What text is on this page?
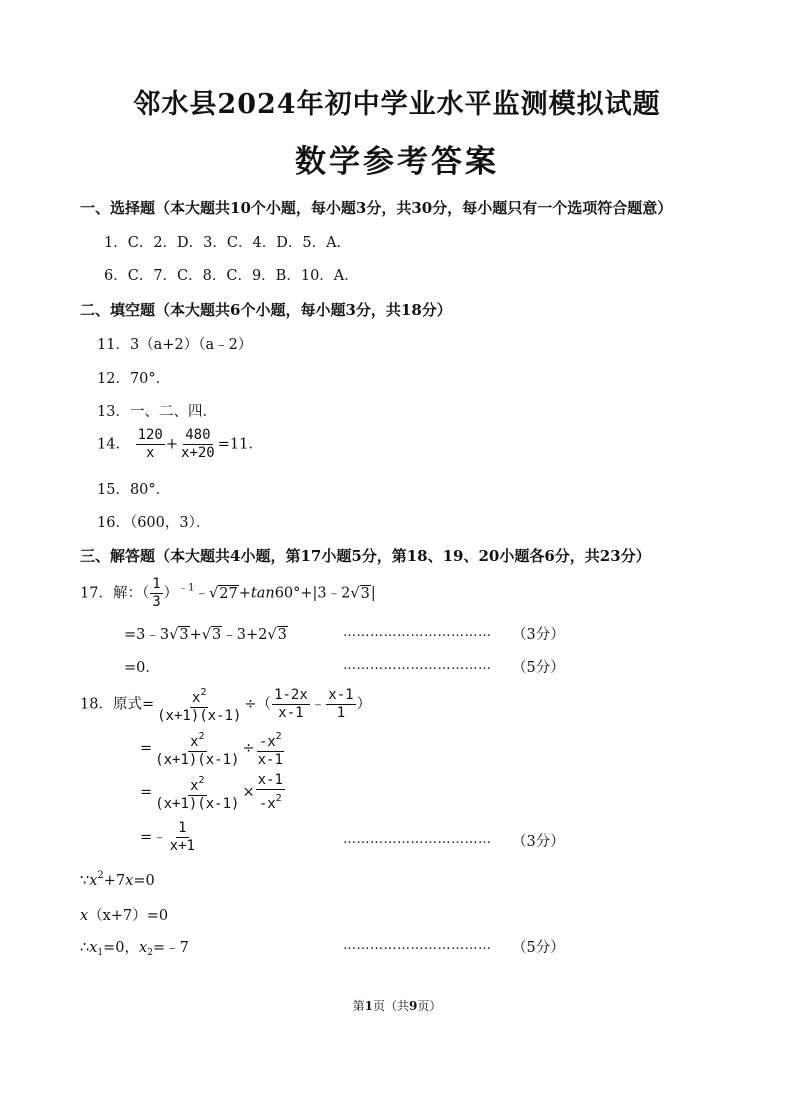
邻水县2024年初中学业水平监测模拟试题
数学参考答案
一、选择题（本大题共10个小题，每小题3分，共30分，每小题只有一个选项符合题意）
1．C．2．D．3．C．4．D．5．A．
6．C．7．C．8．C．9．B．10．A．
二、填空题（本大题共6个小题，每小题3分，共18分）
11．3（a+2）（a﹣2）
12．70°．
13．一、二、四．
14． $\frac{120}{x} + \frac{480}{x+20} =11$．
15．80°．
16．（600，3）．
三、解答题（本大题共4小题，第17小题5分，第18、19、20小题各6分，共23分）
17．解：（ $\frac{1}{3}$ ）$^{﹣1}$﹣√27+tan60°+|3﹣2√3|
=3﹣3√3+√3﹣3+2√3	…………………………… （3分）
=0．	…………………………… （5分）
18．原式= $\frac{x^2}{(x+1)(x-1)}$ ÷（ $\frac{1-2x}{x-1}$ ﹣ $\frac{x-1}{1}$ ）
= $\frac{x^2}{(x+1)(x-1)} \div \frac{-x^2}{x-1}$
= $\frac{x^2}{(x+1)(x-1)} \times \frac{x-1}{-x^2}$
=﹣ $\frac{1}{x+1}$	…………………………… （3分）
$\because x^2+7x=0$
x（x+7）=0
$\therefore x_1=0$，$x_2=﹣7$	…………………………… （5分）
第1页（共9页）
